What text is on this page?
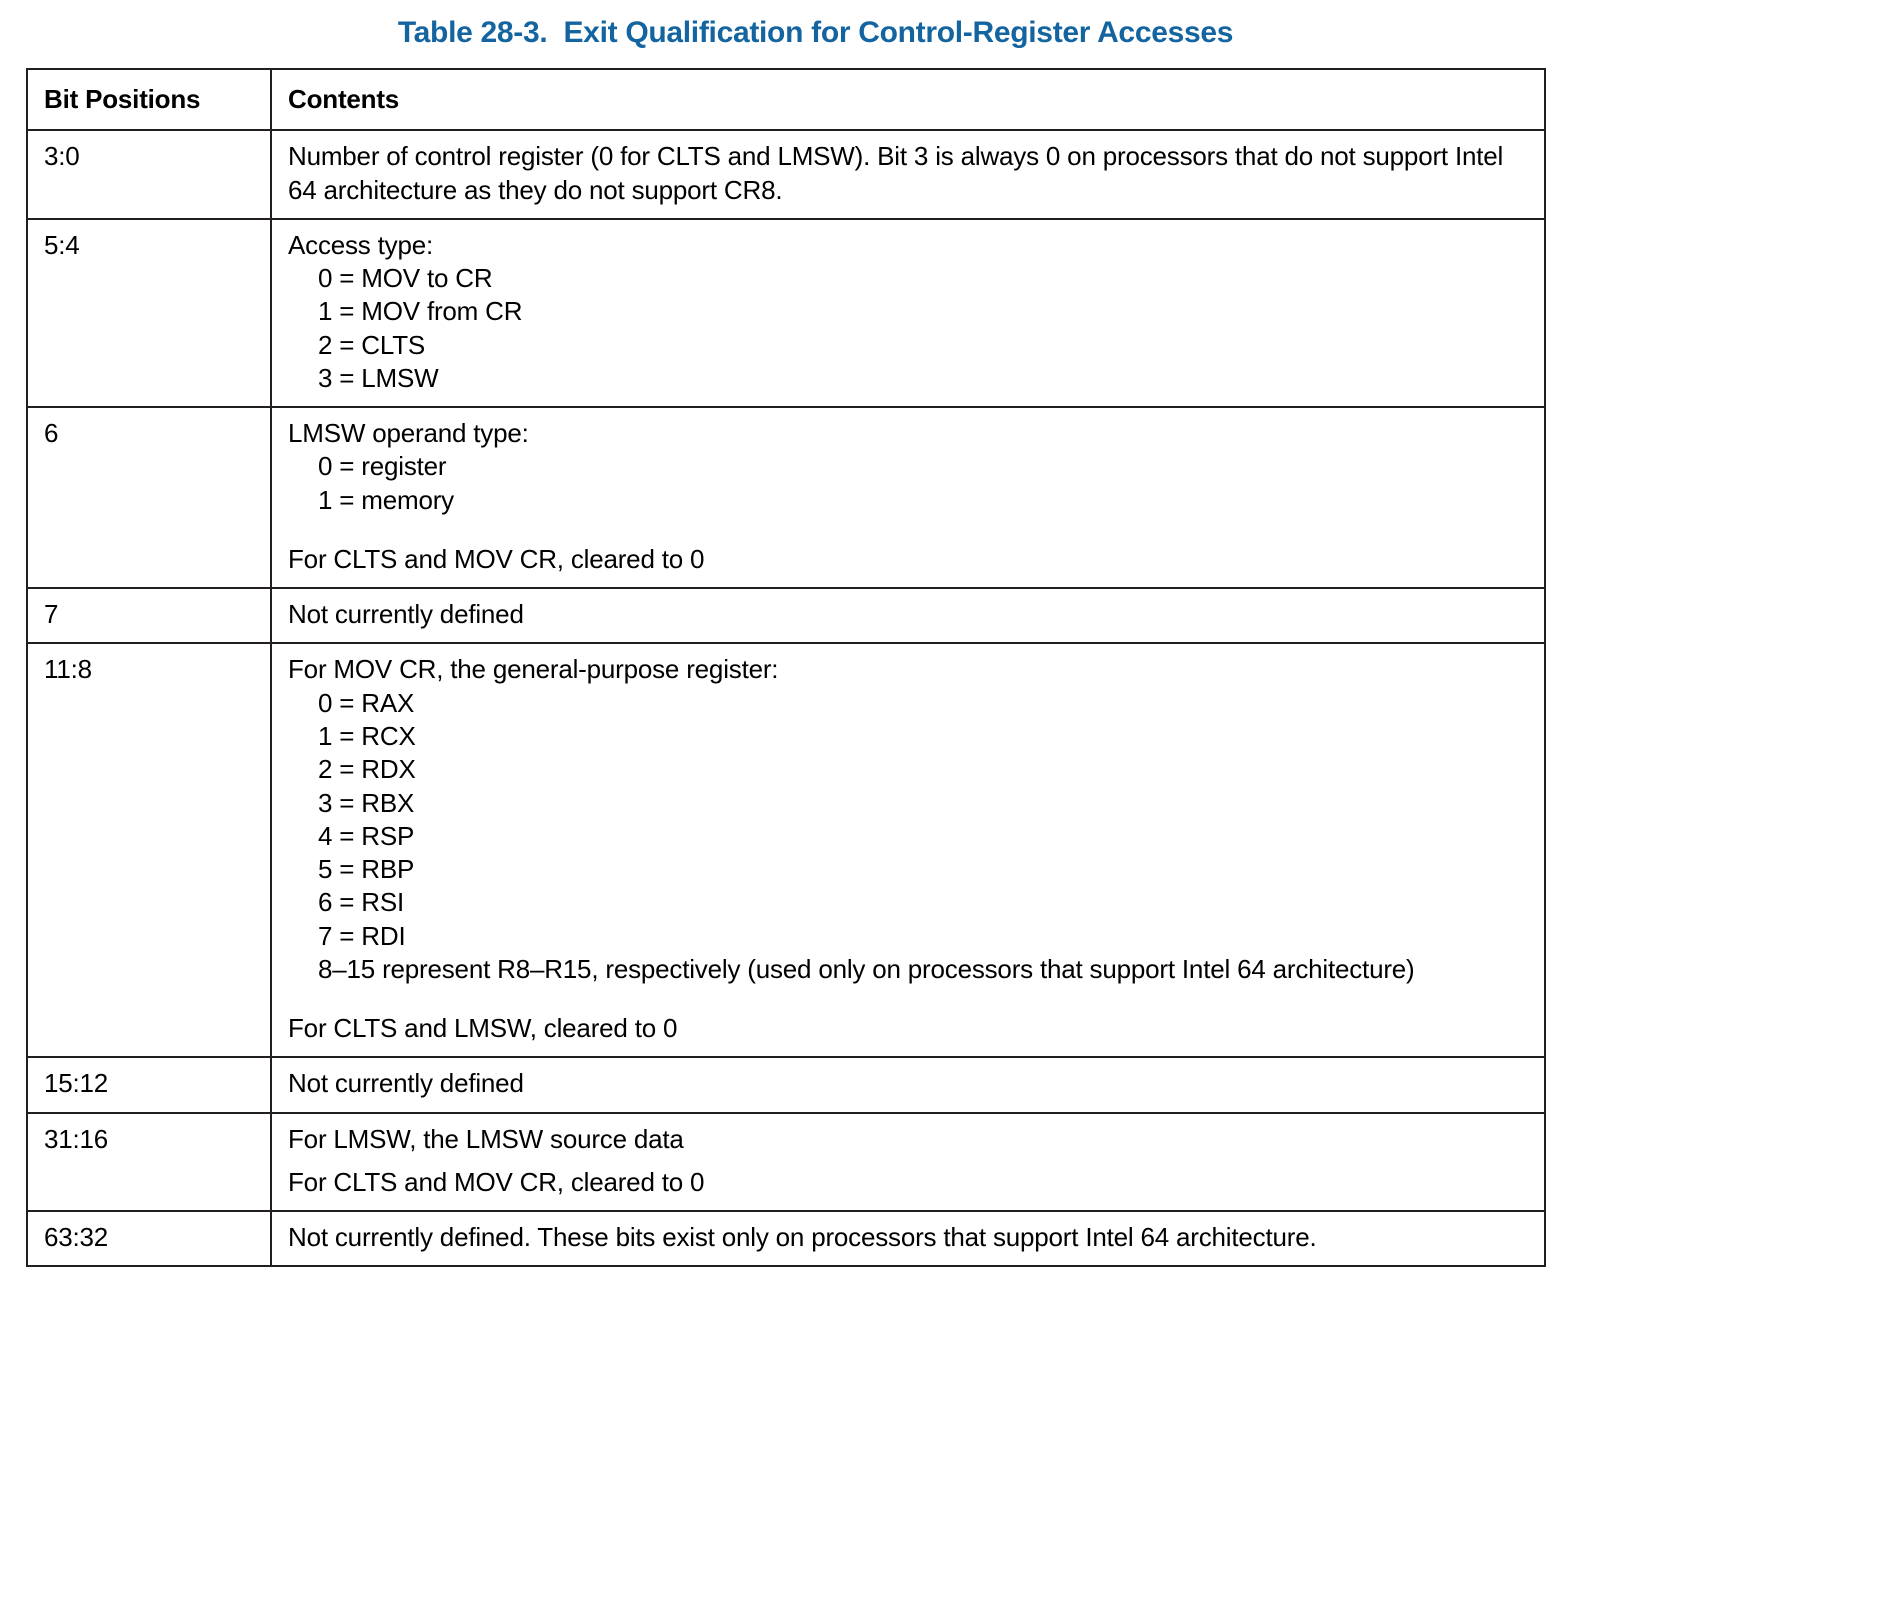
Table 28-3.  Exit Qualification for Control-Register Accesses
Bit Positions	Contents
3:0	Number of control register (0 for CLTS and LMSW). Bit 3 is always 0 on processors that do not support Intel 64 architecture as they do not support CR8.

5:4	Access type:

0 = MOV to CR
1 = MOV from CR
2 = CLTS
3 = LMSW

6	LMSW operand type:

0 = register
1 = memory

For CLTS and MOV CR, cleared to 0

7	Not currently defined

11:8	For MOV CR, the general-purpose register:

0 = RAX
1 = RCX
2 = RDX
3 = RBX
4 = RSP
5 = RBP
6 = RSI
7 = RDI
8–15 represent R8–R15, respectively (used only on processors that support Intel 64 architecture)

For CLTS and LMSW, cleared to 0

15:12	Not currently defined

31:16	For LMSW, the LMSW source data

For CLTS and MOV CR, cleared to 0

63:32	Not currently defined. These bits exist only on processors that support Intel 64 architecture.
